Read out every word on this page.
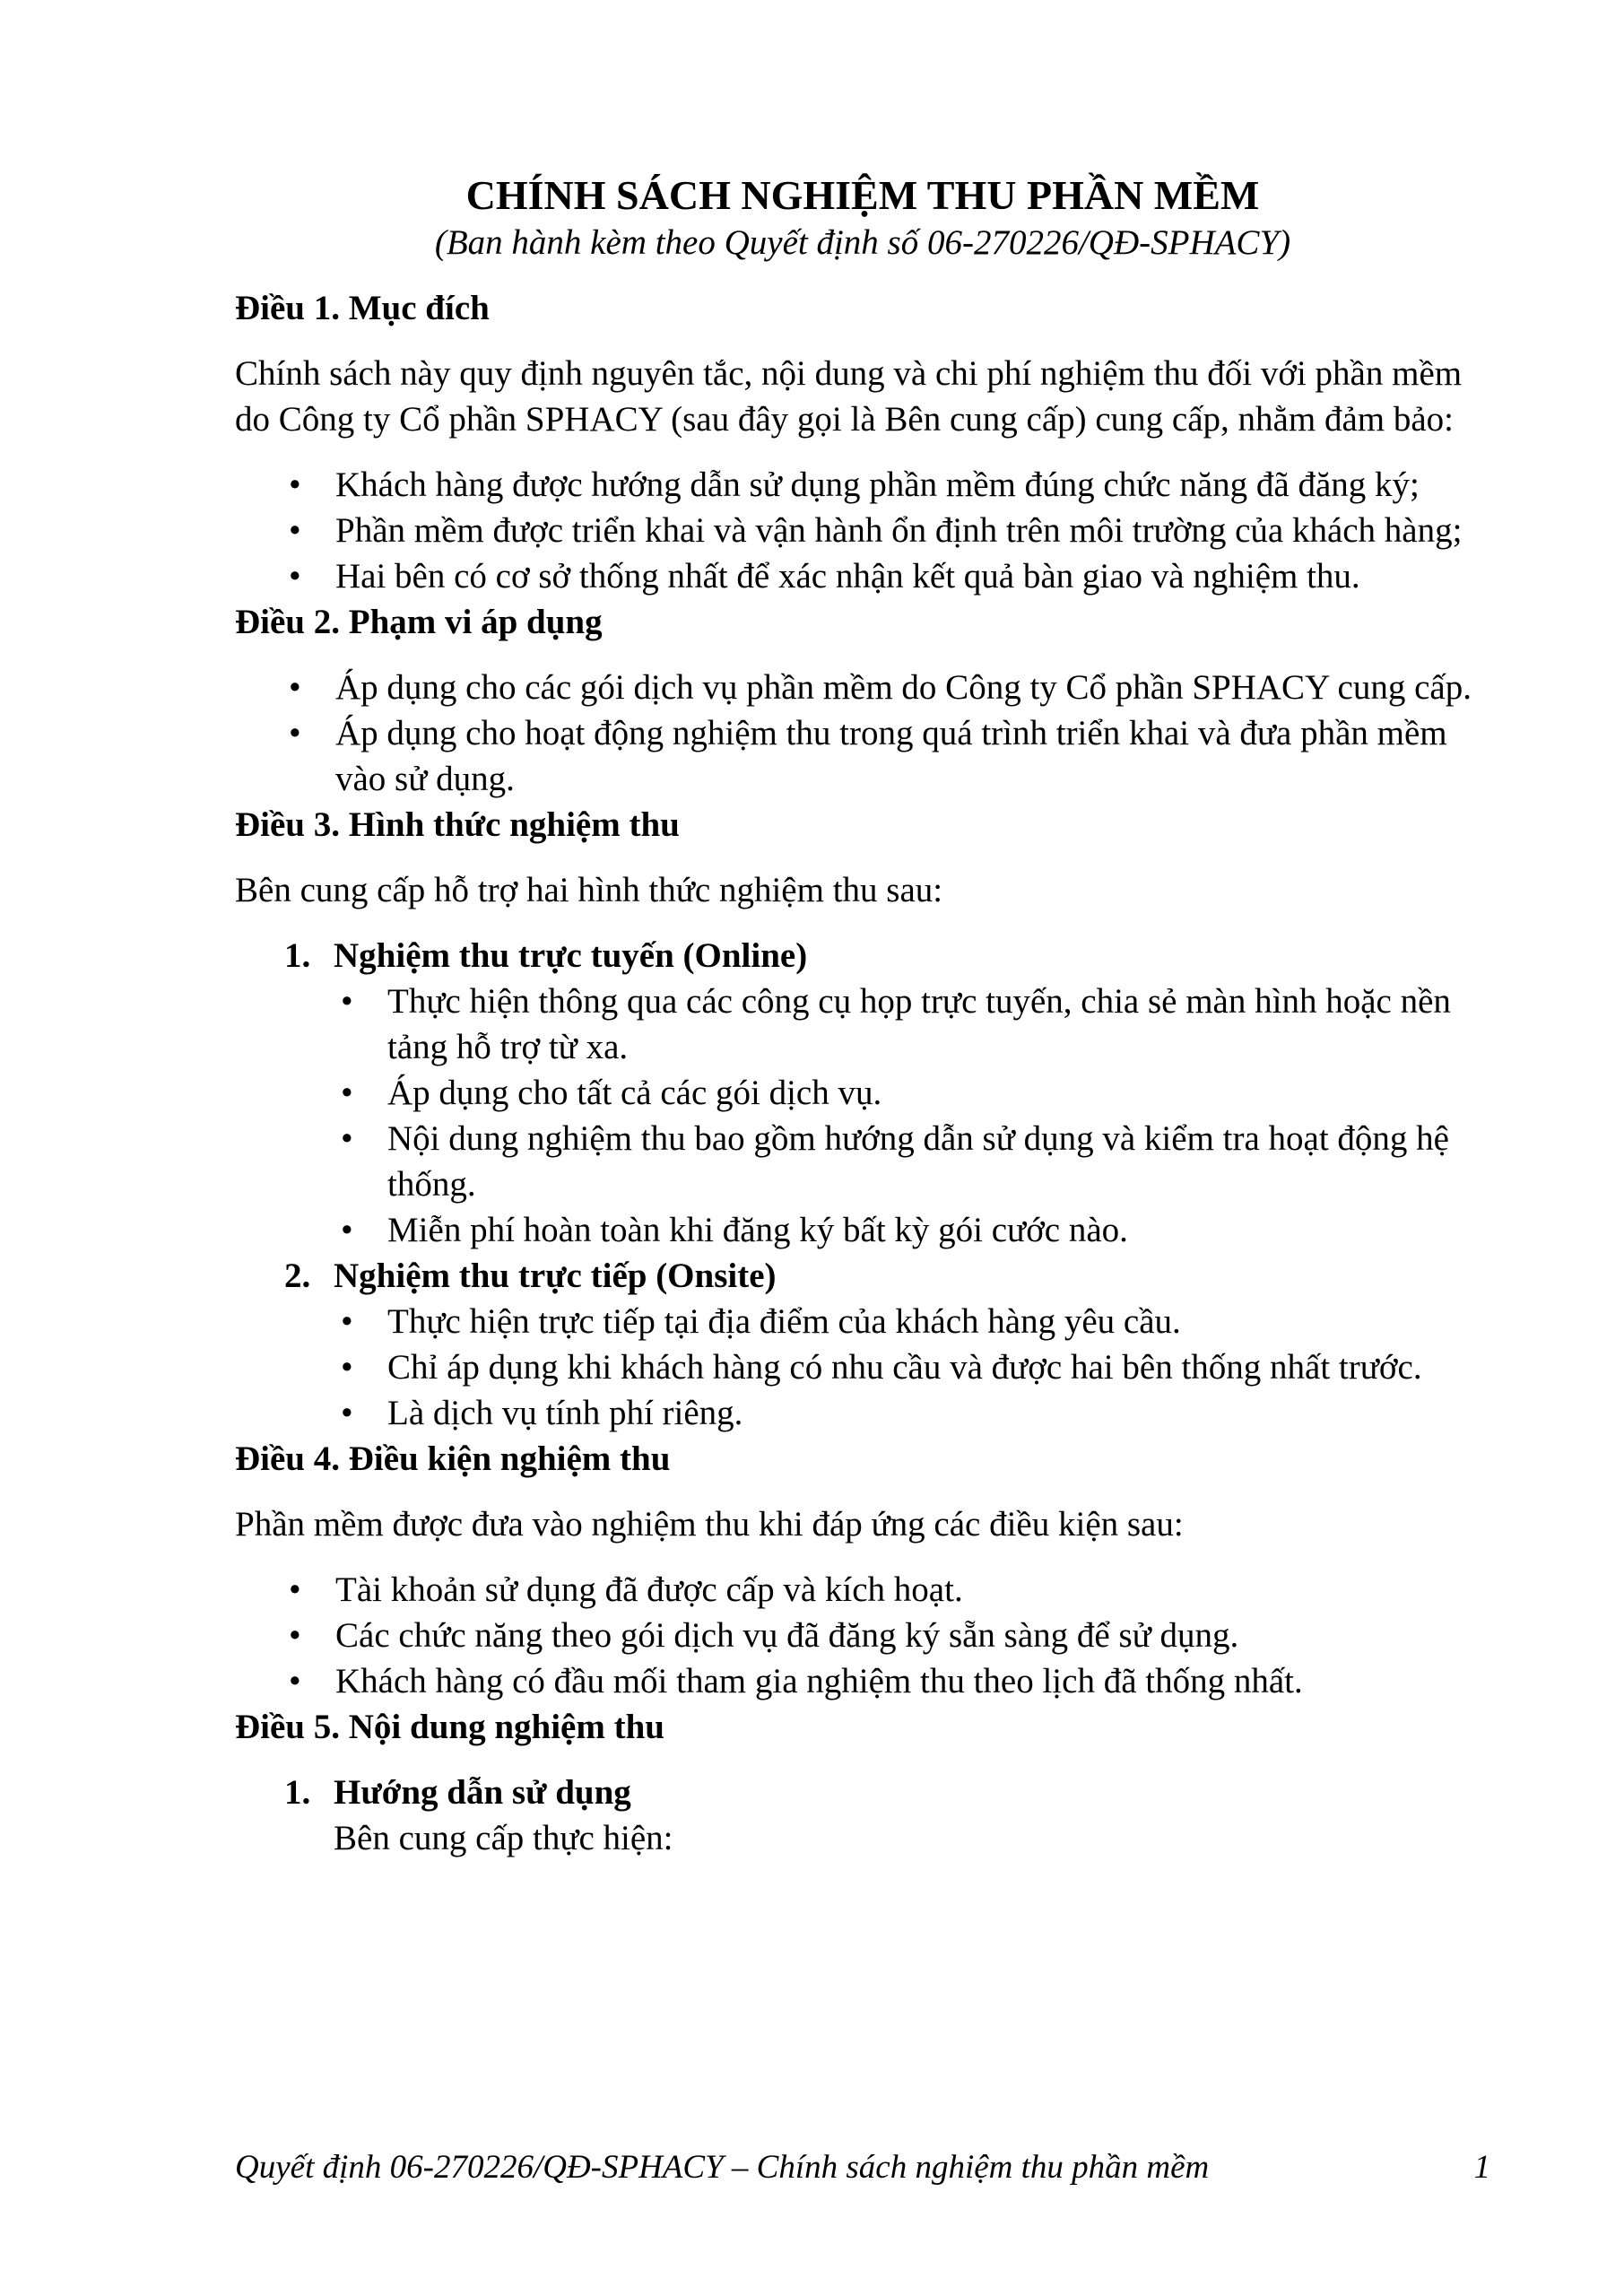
CHÍNH SÁCH NGHIỆM THU PHẦN MỀM

(Ban hành kèm theo Quyết định số 06-270226/QĐ-SPHACY)

Điều 1. Mục đích

Chính sách này quy định nguyên tắc, nội dung và chi phí nghiệm thu đối với phần mềm do Công ty Cổ phần SPHACY (sau đây gọi là Bên cung cấp) cung cấp, nhằm đảm bảo:

• Khách hàng được hướng dẫn sử dụng phần mềm đúng chức năng đã đăng ký;
• Phần mềm được triển khai và vận hành ổn định trên môi trường của khách hàng;
• Hai bên có cơ sở thống nhất để xác nhận kết quả bàn giao và nghiệm thu.
Điều 2. Phạm vi áp dụng
• Áp dụng cho các gói dịch vụ phần mềm do Công ty Cổ phần SPHACY cung cấp.
• Áp dụng cho hoạt động nghiệm thu trong quá trình triển khai và đưa phần mềm vào sử dụng.
Điều 3. Hình thức nghiệm thu

Bên cung cấp hỗ trợ hai hình thức nghiệm thu sau:

1. Nghiệm thu trực tuyến (Online)
• Thực hiện thông qua các công cụ họp trực tuyến, chia sẻ màn hình hoặc nền tảng hỗ trợ từ xa.
• Áp dụng cho tất cả các gói dịch vụ.
• Nội dung nghiệm thu bao gồm hướng dẫn sử dụng và kiểm tra hoạt động hệ thống.
• Miễn phí hoàn toàn khi đăng ký bất kỳ gói cước nào.
2. Nghiệm thu trực tiếp (Onsite)
• Thực hiện trực tiếp tại địa điểm của khách hàng yêu cầu.
• Chỉ áp dụng khi khách hàng có nhu cầu và được hai bên thống nhất trước.
• Là dịch vụ tính phí riêng.
Điều 4. Điều kiện nghiệm thu

Phần mềm được đưa vào nghiệm thu khi đáp ứng các điều kiện sau:

• Tài khoản sử dụng đã được cấp và kích hoạt.
• Các chức năng theo gói dịch vụ đã đăng ký sẵn sàng để sử dụng.
• Khách hàng có đầu mối tham gia nghiệm thu theo lịch đã thống nhất.
Điều 5. Nội dung nghiệm thu
1. Hướng dẫn sử dụng
Bên cung cấp thực hiện:
Quyết định 06-270226/QĐ-SPHACY – Chính sách nghiệm thu phần mềm	1
